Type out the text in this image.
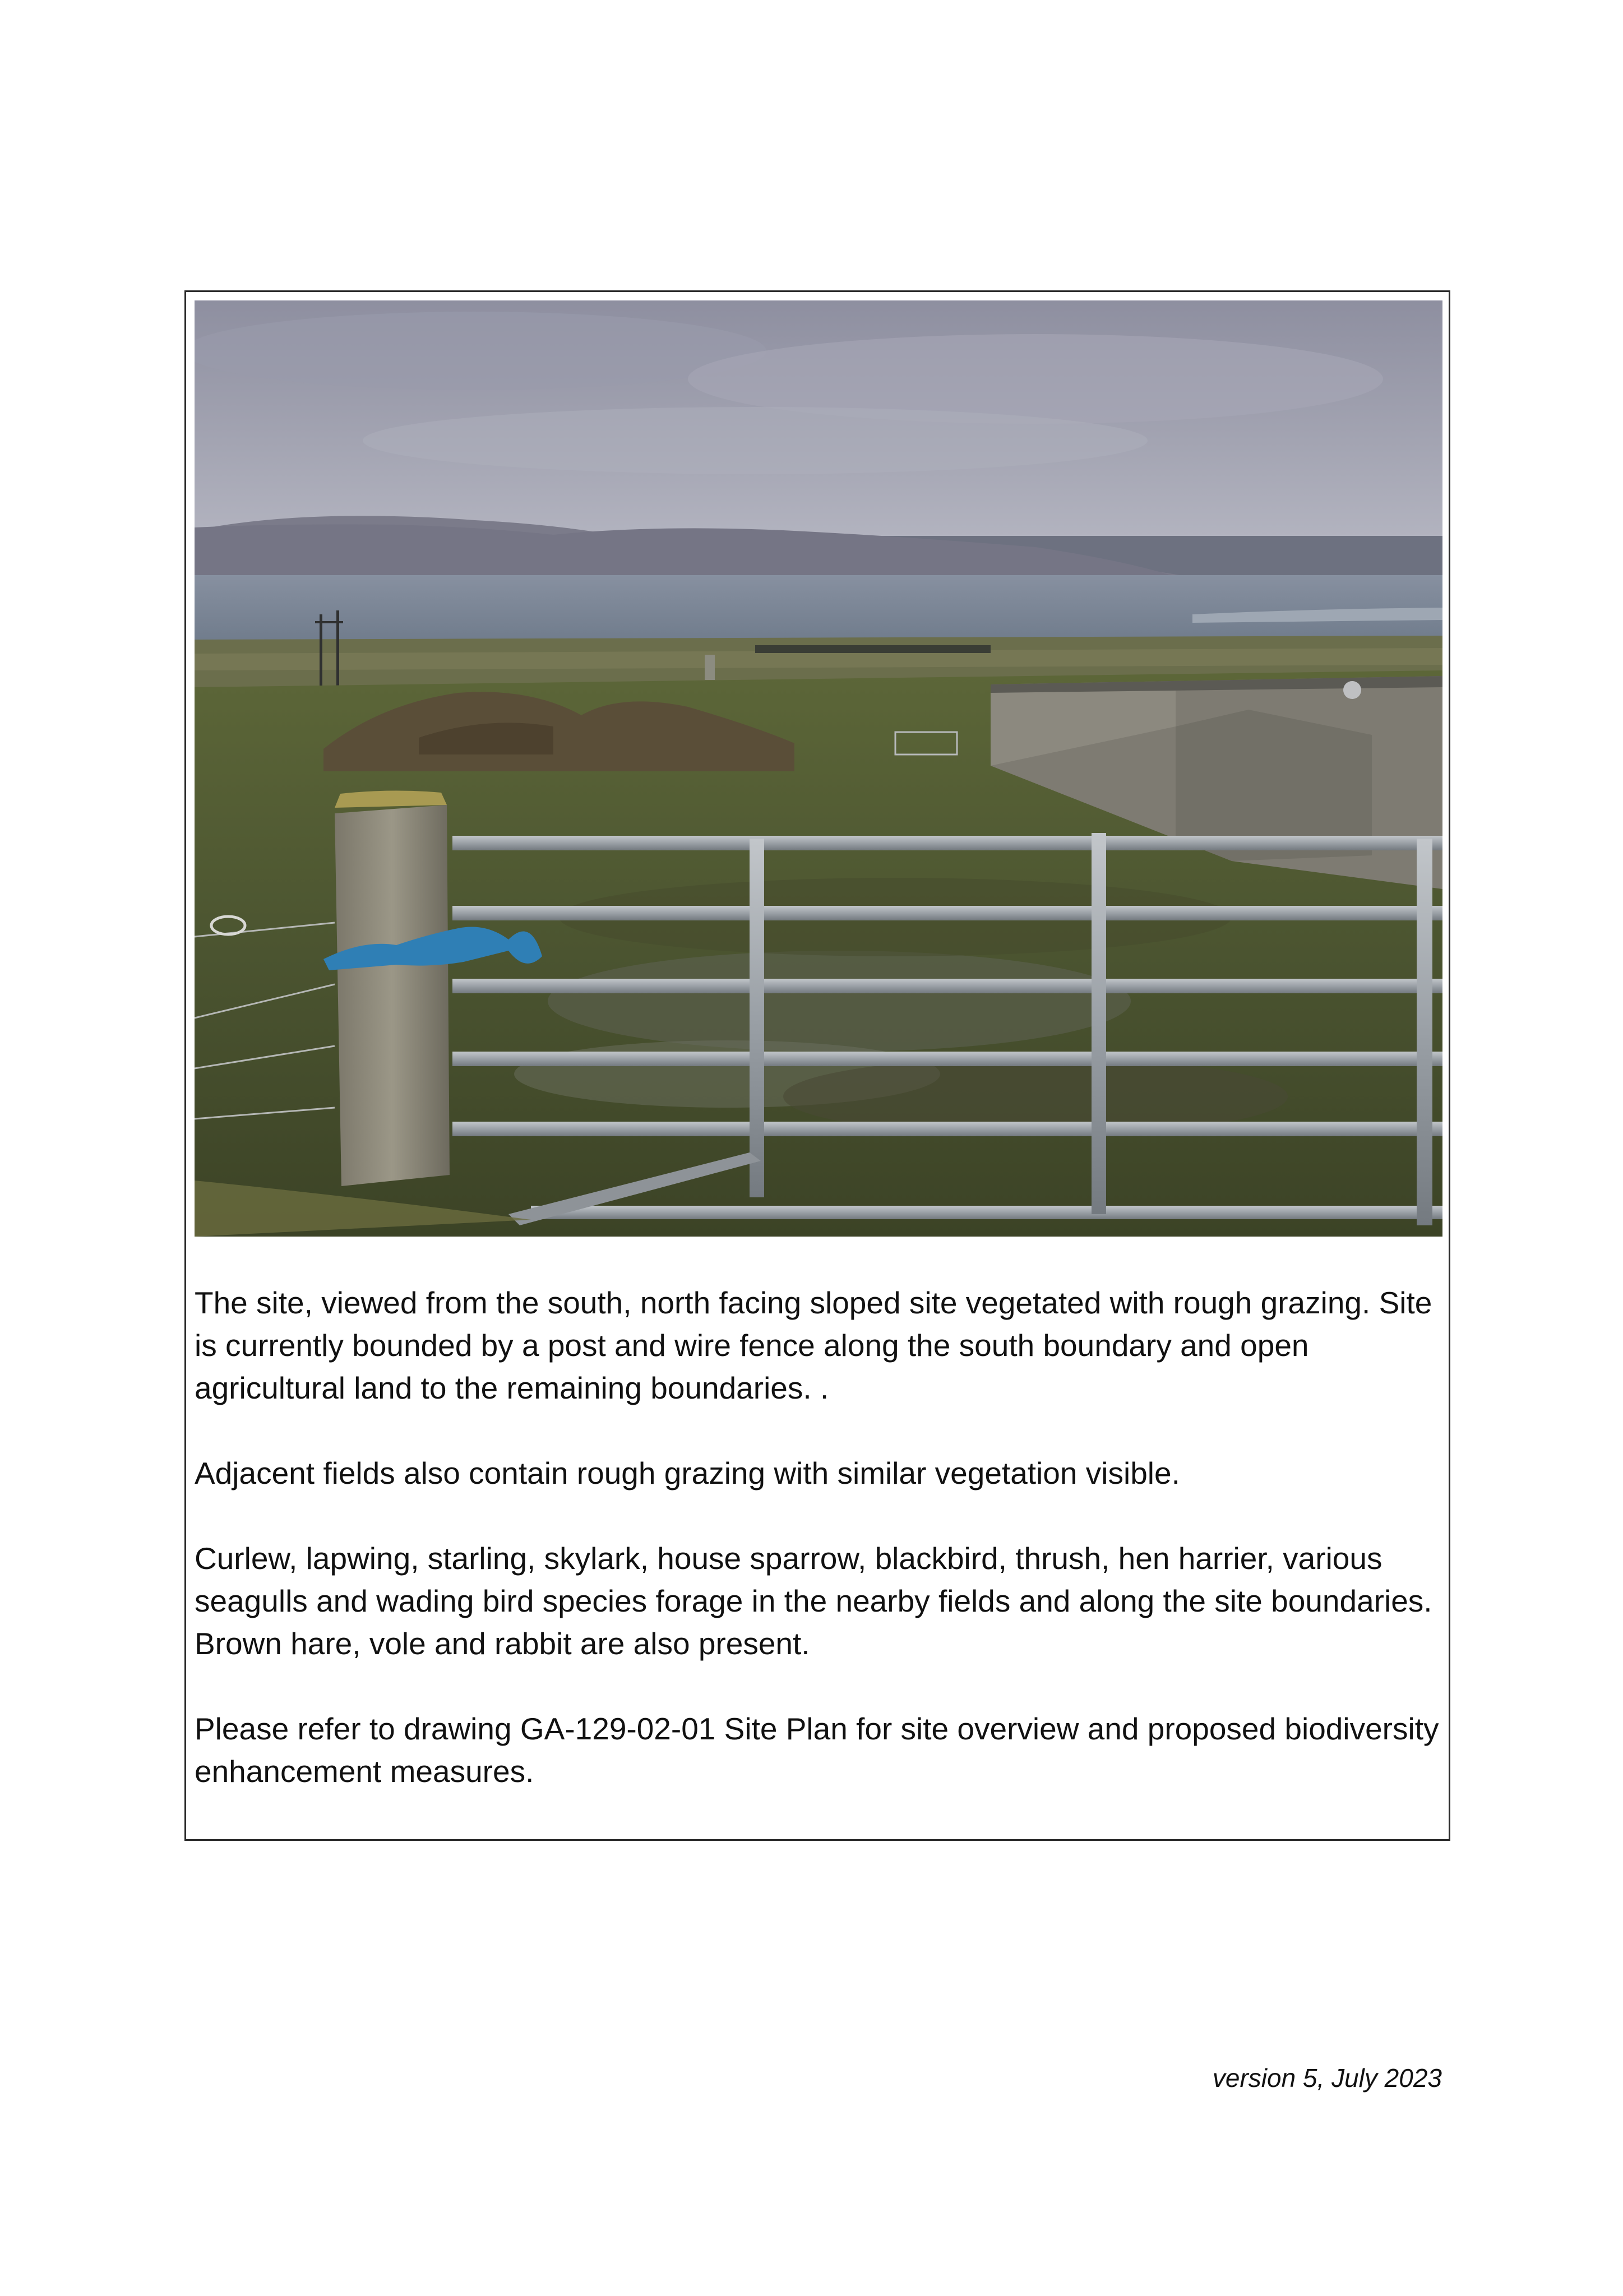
The site, viewed from the south, north facing sloped site vegetated with rough grazing. Site is currently bounded by a post and wire fence along the south boundary and open agricultural land to the remaining boundaries. .

Adjacent fields also contain rough grazing with similar vegetation visible.

Curlew, lapwing, starling, skylark, house sparrow, blackbird, thrush, hen harrier, various seagulls and wading bird species forage in the nearby fields and along the site boundaries. Brown hare, vole and rabbit are also present.

Please refer to drawing GA-129-02-01 Site Plan for site overview and proposed biodiversity enhancement measures.

version 5, July 2023
